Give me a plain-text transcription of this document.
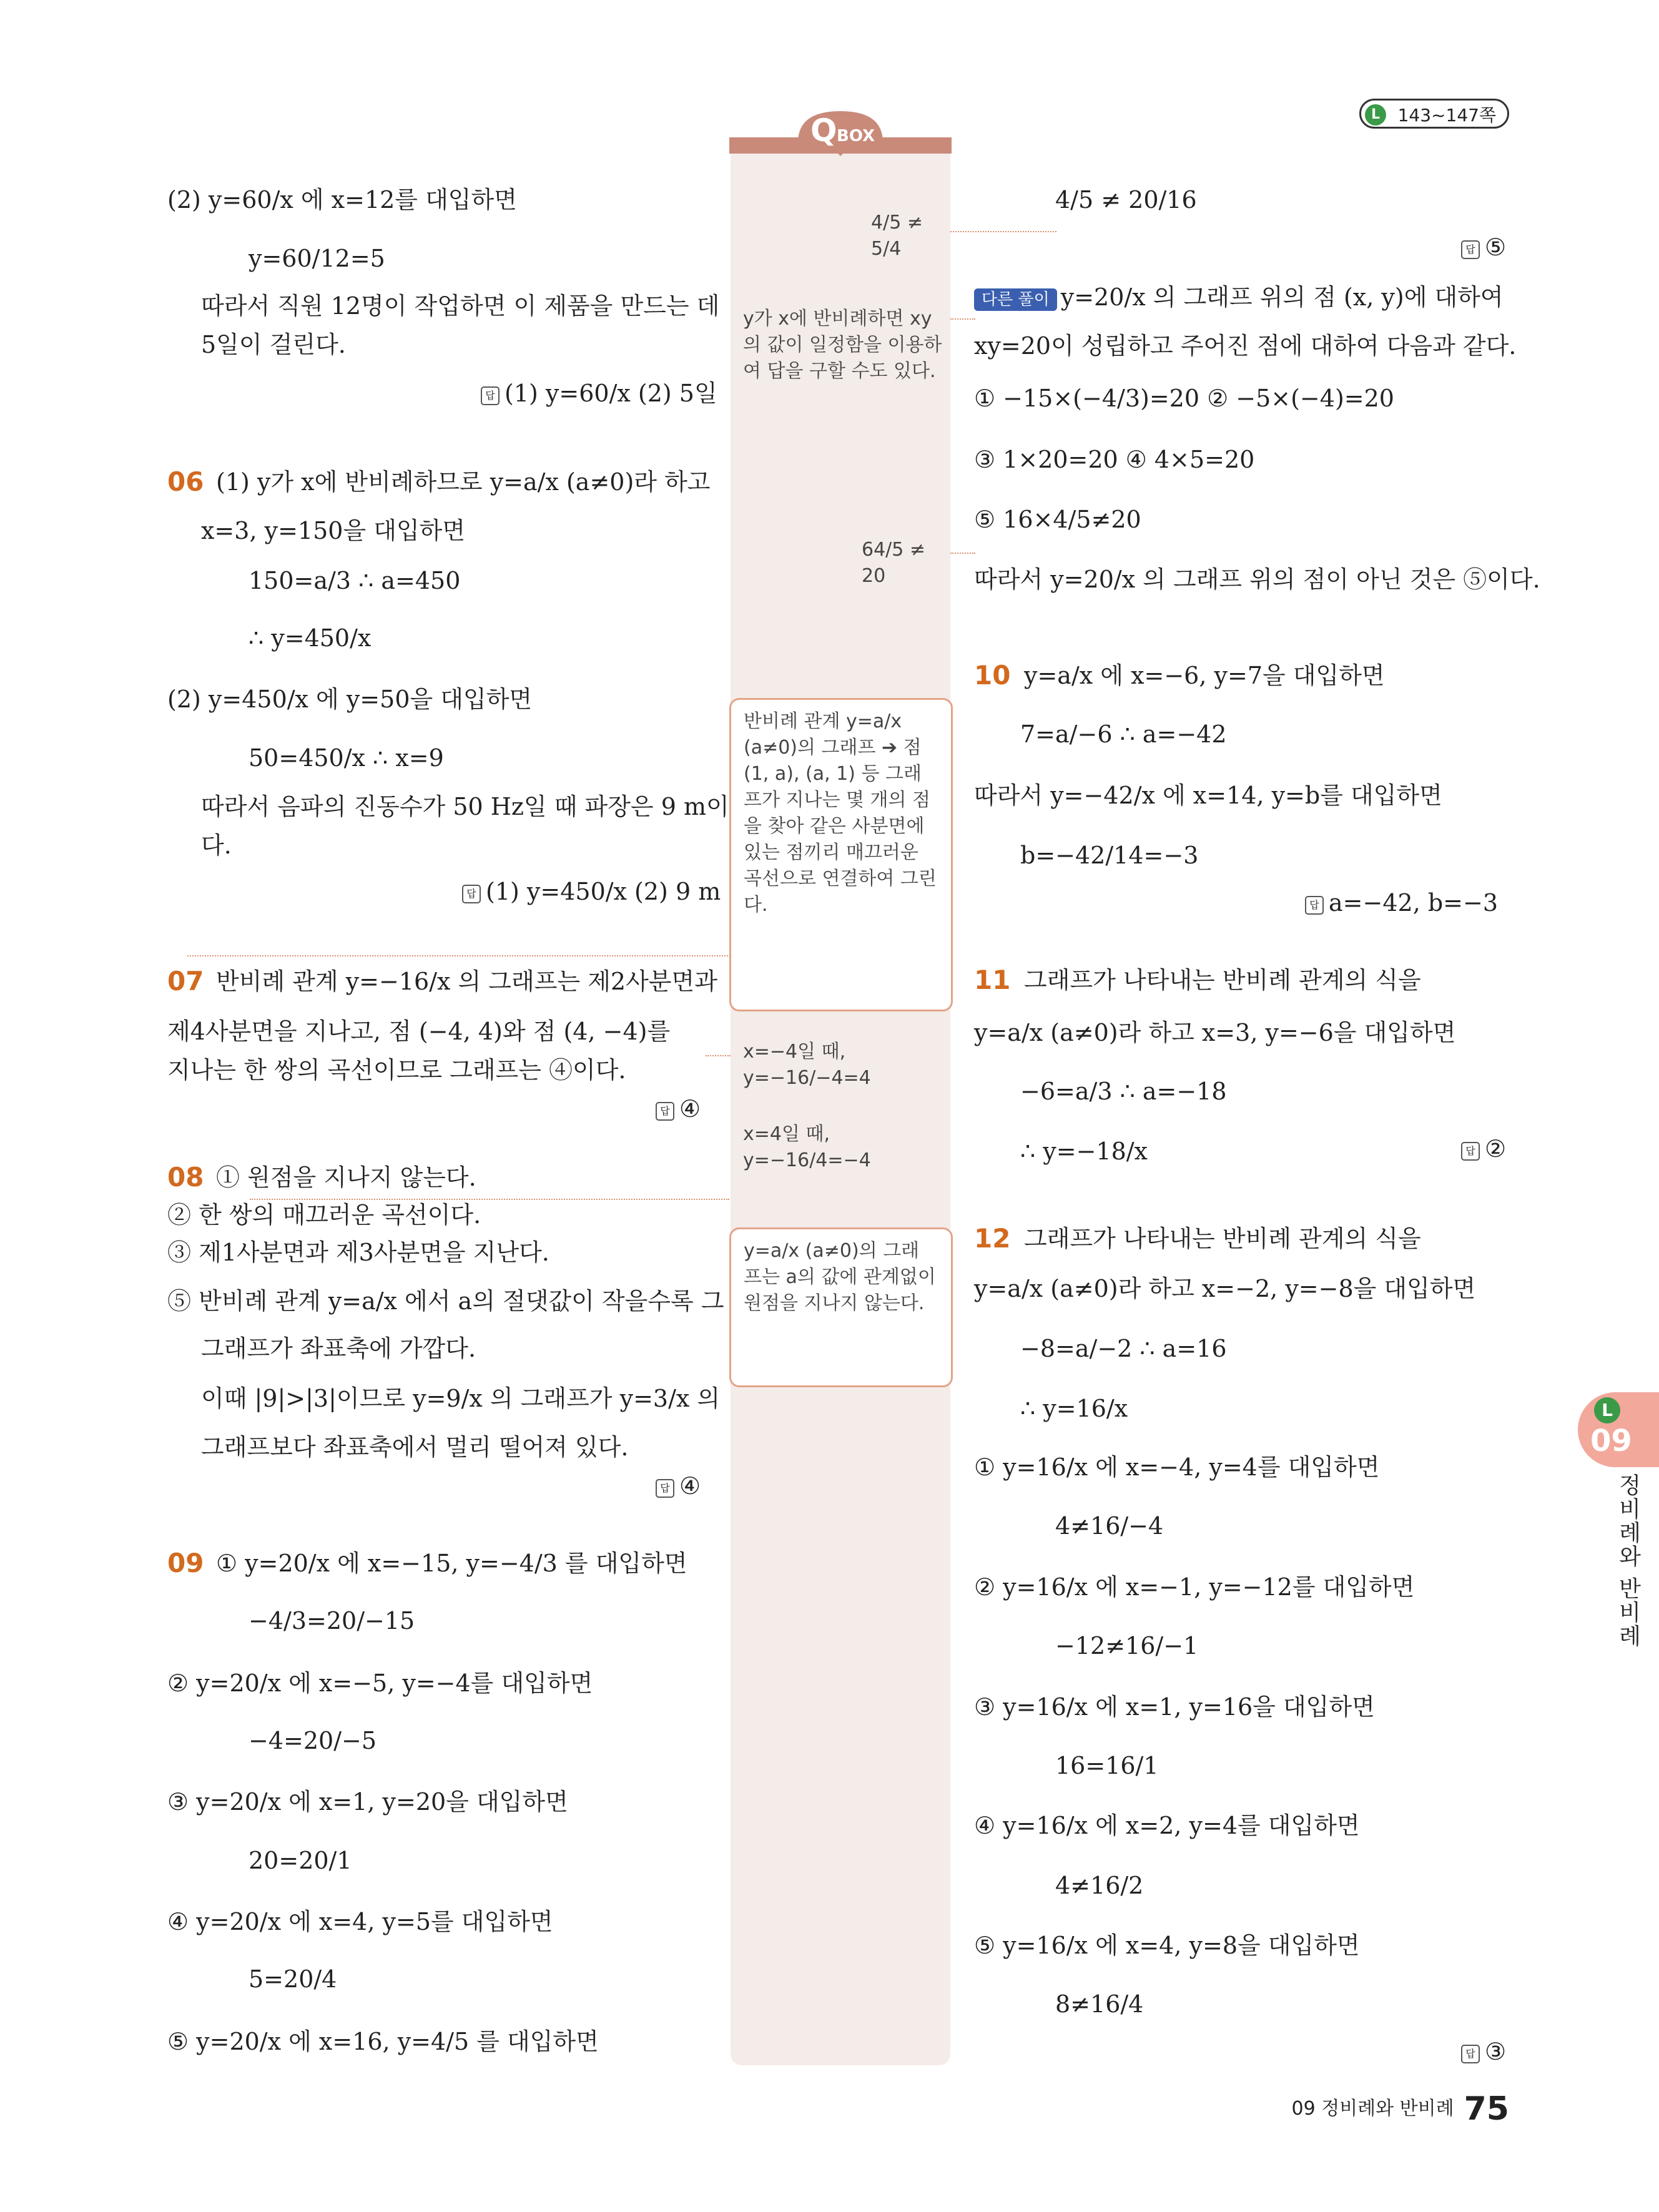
L	143~147쪽
Q BOX
4/5 ≠ 5/4
y가 x에 반비례하면 xy의 값이 일정함을 이용하여 답을 구할 수도 있다.
64/5 ≠ 20
반비례 관계 y=a/x (a≠0)의 그래프 ➔ 점 (1, a), (a, 1) 등 그래프가 지나는 몇 개의 점을 찾아 같은 사분면에 있는 점끼리 매끄러운 곡선으로 연결하여 그린다.
x=−4일 때, y=−16/−4=4
x=4일 때, y=−16/4=−4
y=a/x (a≠0)의 그래프는 a의 값에 관계없이 원점을 지나지 않는다.
(2) y=60/x 에 x=12를 대입하면
y=60/12=5
따라서 직원 12명이 작업하면 이 제품을 만드는 데
5일이 걸린다.
답 (1) y=60/x (2) 5일
06 (1) y가 x에 반비례하므로 y=a/x (a≠0)라 하고
x=3, y=150을 대입하면
150=a/3 ∴ a=450
∴ y=450/x
(2) y=450/x 에 y=50을 대입하면
50=450/x ∴ x=9
따라서 음파의 진동수가 50 Hz일 때 파장은 9 m이
다.
답 (1) y=450/x (2) 9 m
07 반비례 관계 y=−16/x 의 그래프는 제2사분면과
제4사분면을 지나고, 점 (−4, 4)와 점 (4, −4)를
지나는 한 쌍의 곡선이므로 그래프는 ④이다.
답 ④
08 ① 원점을 지나지 않는다.
② 한 쌍의 매끄러운 곡선이다.
③ 제1사분면과 제3사분면을 지난다.
⑤ 반비례 관계 y=a/x 에서 a의 절댓값이 작을수록 그
그래프가 좌표축에 가깝다.
이때 |9|>|3|이므로 y=9/x 의 그래프가 y=3/x 의
그래프보다 좌표축에서 멀리 떨어져 있다.
답 ④
09 ① y=20/x 에 x=−15, y=−4/3 를 대입하면
−4/3=20/−15
② y=20/x 에 x=−5, y=−4를 대입하면
−4=20/−5
③ y=20/x 에 x=1, y=20을 대입하면
20=20/1
④ y=20/x 에 x=4, y=5를 대입하면
5=20/4
⑤ y=20/x 에 x=16, y=4/5 를 대입하면
4/5 ≠ 20/16
답 ⑤
다른 풀이 y=20/x 의 그래프 위의 점 (x, y)에 대하여
xy=20이 성립하고 주어진 점에 대하여 다음과 같다.
① −15×(−4/3)=20 ② −5×(−4)=20
③ 1×20=20 ④ 4×5=20
⑤ 16×4/5≠20
따라서 y=20/x 의 그래프 위의 점이 아닌 것은 ⑤이다.
10 y=a/x 에 x=−6, y=7을 대입하면
7=a/−6 ∴ a=−42
따라서 y=−42/x 에 x=14, y=b를 대입하면
b=−42/14=−3
답 a=−42, b=−3
11 그래프가 나타내는 반비례 관계의 식을
y=a/x (a≠0)라 하고 x=3, y=−6을 대입하면
−6=a/3 ∴ a=−18
∴ y=−18/x	답 ②
12 그래프가 나타내는 반비례 관계의 식을
y=a/x (a≠0)라 하고 x=−2, y=−8을 대입하면
−8=a/−2 ∴ a=16
∴ y=16/x
① y=16/x 에 x=−4, y=4를 대입하면
4≠16/−4
② y=16/x 에 x=−1, y=−12를 대입하면
−12≠16/−1
③ y=16/x 에 x=1, y=16을 대입하면
16=16/1
④ y=16/x 에 x=2, y=4를 대입하면
4≠16/2
⑤ y=16/x 에 x=4, y=8을 대입하면
8≠16/4
답 ③
L
09
정비례와 반비례
09 정비례와 반비례 75
